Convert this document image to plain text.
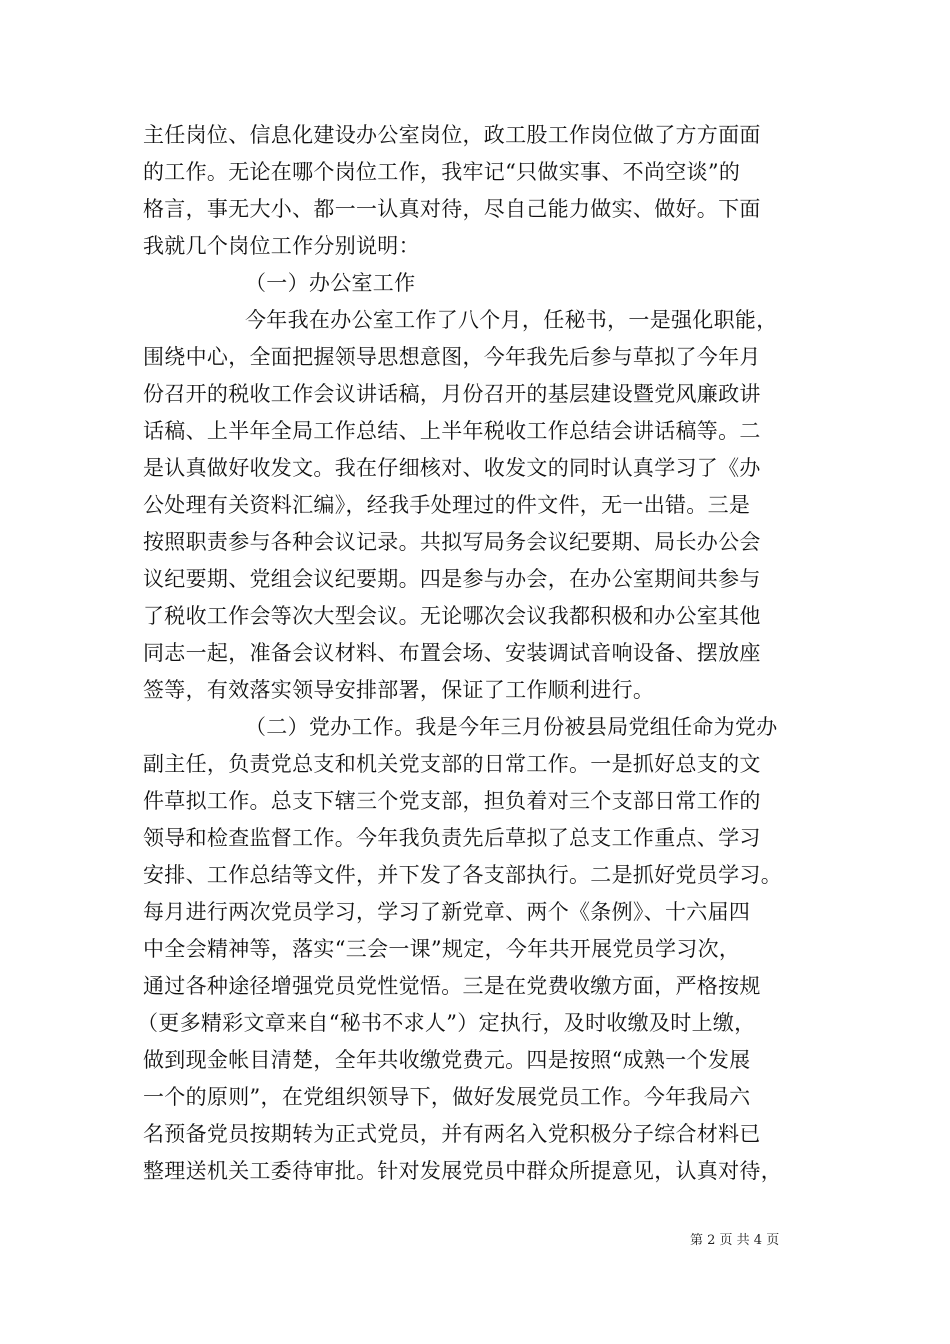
主任岗位、信息化建设办公室岗位，政工股工作岗位做了方方面面
的工作。无论在哪个岗位工作，我牢记“只做实事、不尚空谈”的
格言，事无大小、都一一认真对待，尽自己能力做实、做好。下面
我就几个岗位工作分别说明：
（一）办公室工作
今年我在办公室工作了八个月，任秘书，一是强化职能，
围绕中心，全面把握领导思想意图，今年我先后参与草拟了今年月
份召开的税收工作会议讲话稿，月份召开的基层建设暨党风廉政讲
话稿、上半年全局工作总结、上半年税收工作总结会讲话稿等。二
是认真做好收发文。我在仔细核对、收发文的同时认真学习了《办
公处理有关资料汇编》，经我手处理过的件文件，无一出错。三是
按照职责参与各种会议记录。共拟写局务会议纪要期、局长办公会
议纪要期、党组会议纪要期。四是参与办会，在办公室期间共参与
了税收工作会等次大型会议。无论哪次会议我都积极和办公室其他
同志一起，准备会议材料、布置会场、安装调试音响设备、摆放座
签等，有效落实领导安排部署，保证了工作顺利进行。
（二）党办工作。我是今年三月份被县局党组任命为党办
副主任，负责党总支和机关党支部的日常工作。一是抓好总支的文
件草拟工作。总支下辖三个党支部，担负着对三个支部日常工作的
领导和检查监督工作。今年我负责先后草拟了总支工作重点、学习
安排、工作总结等文件，并下发了各支部执行。二是抓好党员学习。
每月进行两次党员学习，学习了新党章、两个《条例》、十六届四
中全会精神等，落实“三会一课”规定，今年共开展党员学习次，
通过各种途径增强党员党性觉悟。三是在党费收缴方面，严格按规
（更多精彩文章来自“秘书不求人”）定执行，及时收缴及时上缴，
做到现金帐目清楚，全年共收缴党费元。四是按照“成熟一个发展
一个的原则”，在党组织领导下，做好发展党员工作。今年我局六
名预备党员按期转为正式党员，并有两名入党积极分子综合材料已
整理送机关工委待审批。针对发展党员中群众所提意见，认真对待，
第 2 页 共 4 页
